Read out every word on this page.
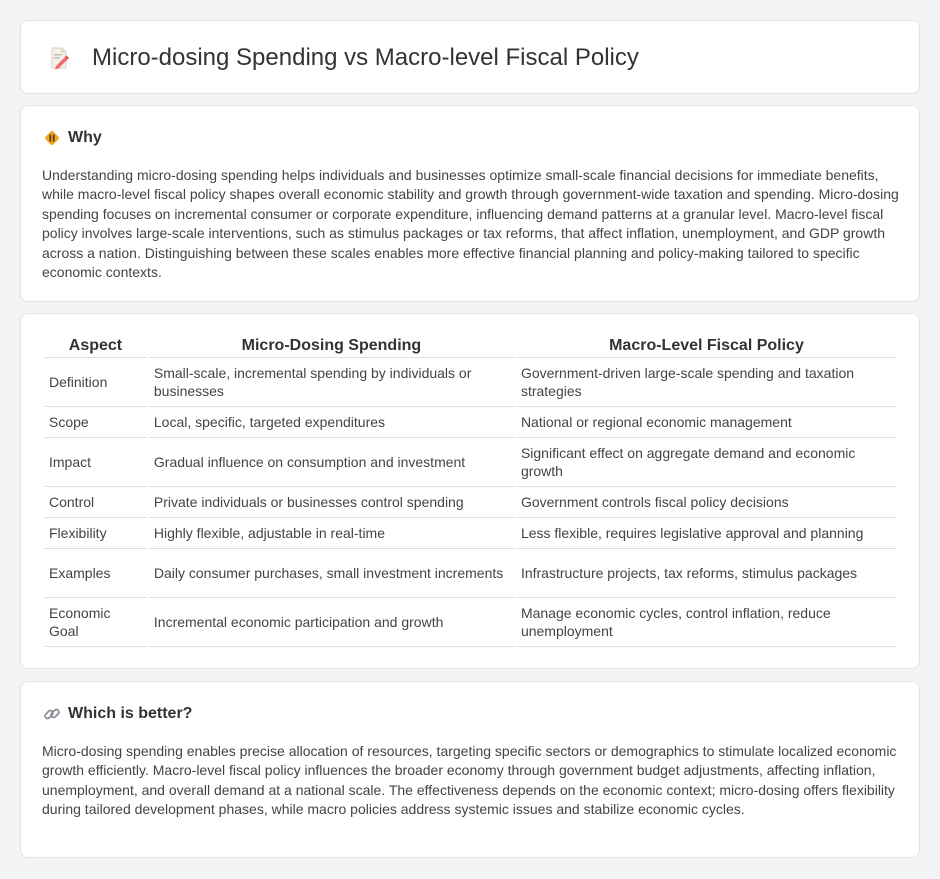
Micro-dosing Spending vs Macro-level Fiscal Policy
Why

Understanding micro-dosing spending helps individuals and businesses optimize small-scale financial decisions for immediate benefits, while macro-level fiscal policy shapes overall economic stability and growth through government-wide taxation and spending. Micro-dosing spending focuses on incremental consumer or corporate expenditure, influencing demand patterns at a granular level. Macro-level fiscal policy involves large-scale interventions, such as stimulus packages or tax reforms, that affect inflation, unemployment, and GDP growth across a nation. Distinguishing between these scales enables more effective financial planning and policy-making tailored to specific economic contexts.

Aspect	Micro-Dosing Spending	Macro-Level Fiscal Policy
Definition	Small-scale, incremental spending by individuals or businesses	Government-driven large-scale spending and taxation strategies
Scope	Local, specific, targeted expenditures	National or regional economic management
Impact	Gradual influence on consumption and investment	Significant effect on aggregate demand and economic growth
Control	Private individuals or businesses control spending	Government controls fiscal policy decisions
Flexibility	Highly flexible, adjustable in real-time	Less flexible, requires legislative approval and planning
Examples	Daily consumer purchases, small investment increments	Infrastructure projects, tax reforms, stimulus packages
Economic Goal	Incremental economic participation and growth	Manage economic cycles, control inflation, reduce unemployment
Which is better?

Micro-dosing spending enables precise allocation of resources, targeting specific sectors or demographics to stimulate localized economic growth efficiently. Macro-level fiscal policy influences the broader economy through government budget adjustments, affecting inflation, unemployment, and overall demand at a national scale. The effectiveness depends on the economic context; micro-dosing offers flexibility during tailored development phases, while macro policies address systemic issues and stabilize economic cycles.
